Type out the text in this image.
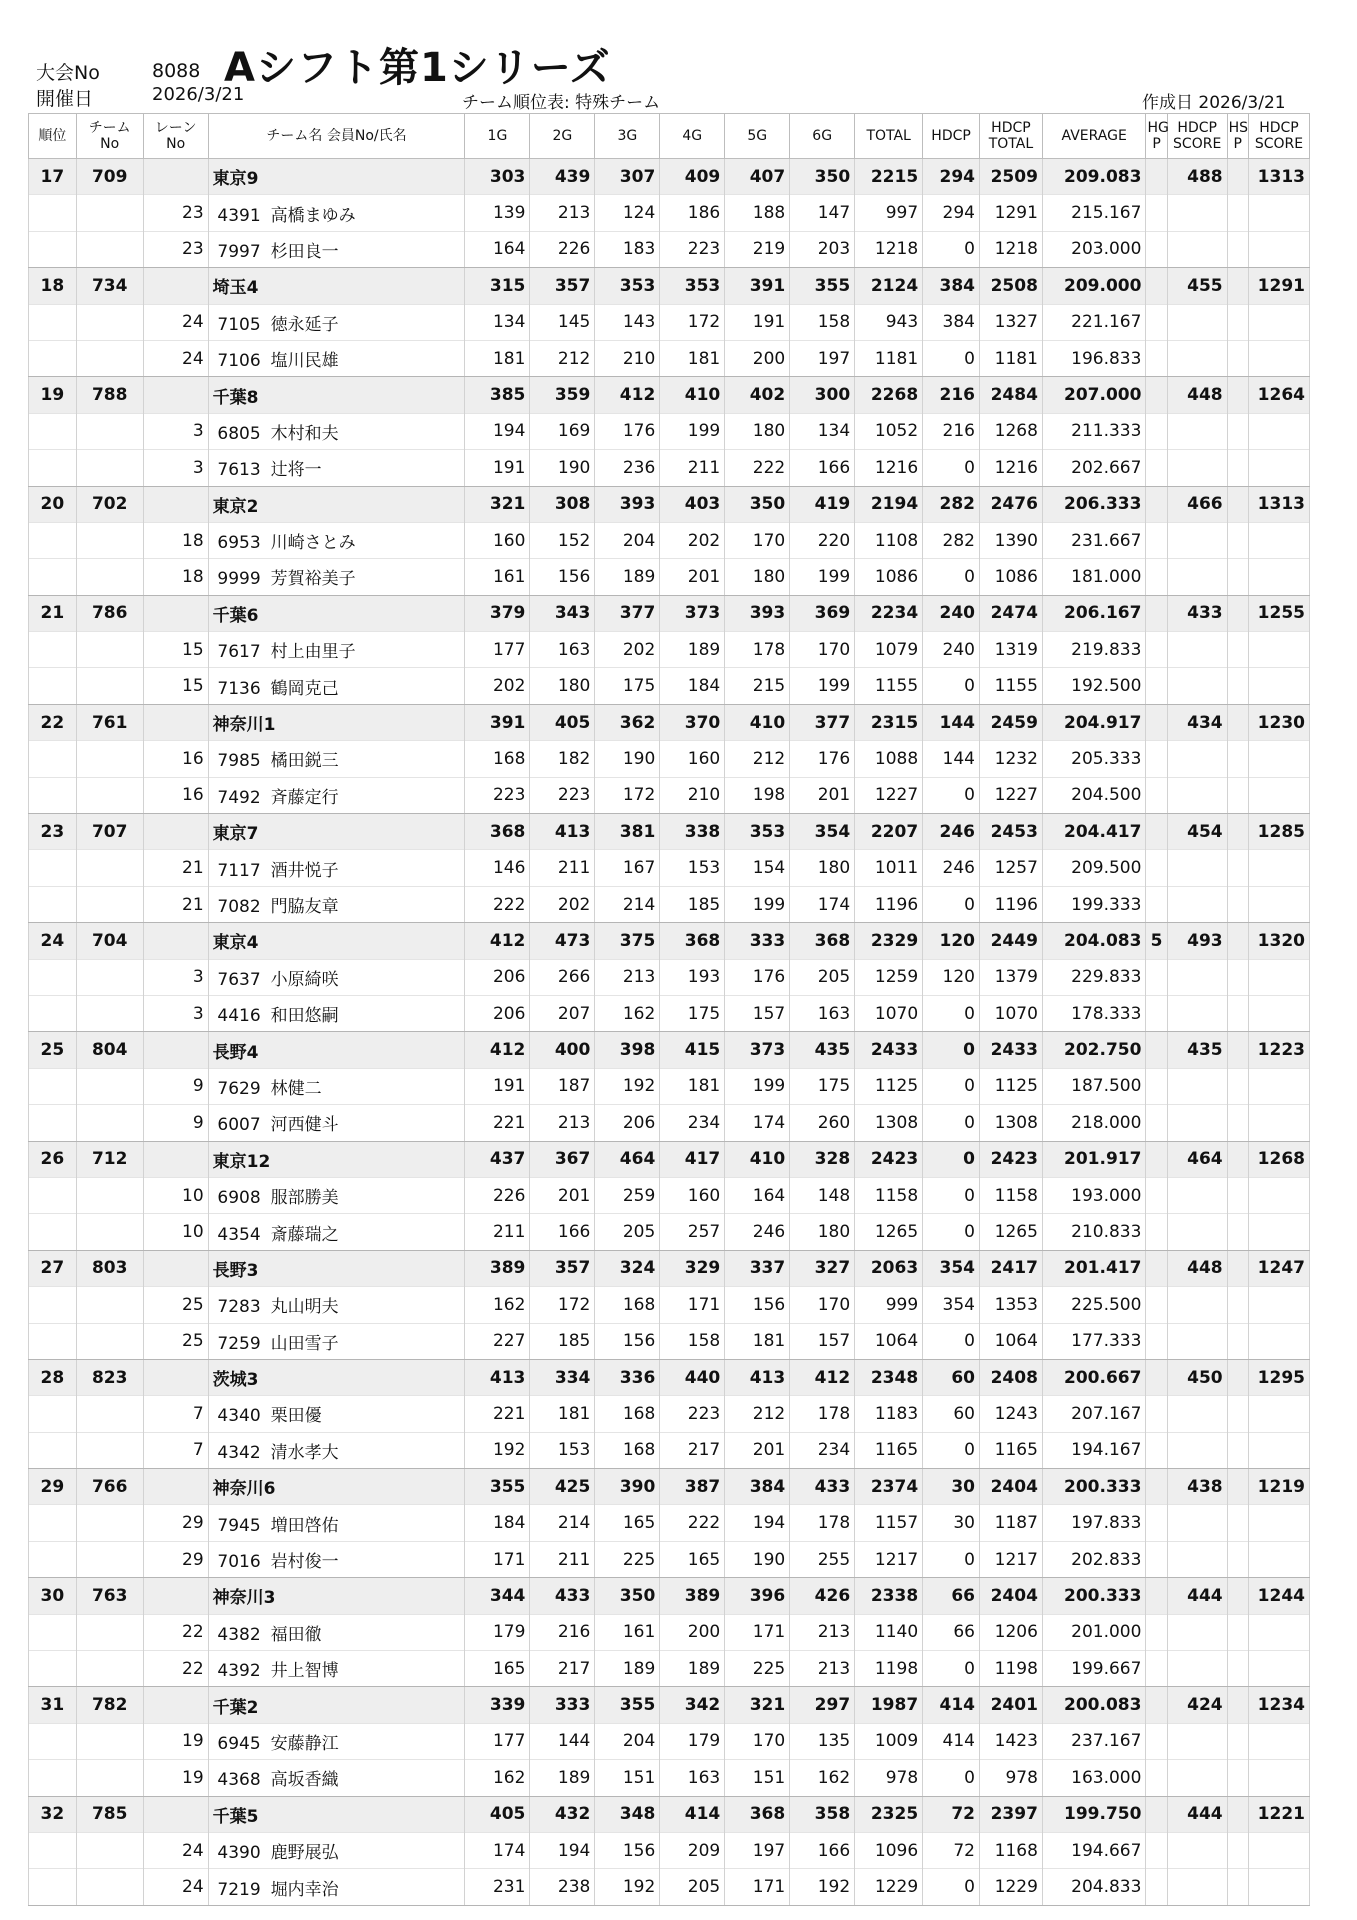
大会No	8088 Aシフト第1シリーズ
開催日	2026/3/21	チーム順位表: 特殊チーム	作成日 2026/3/21
順位	チーム No	レーン No	チーム名 会員No/氏名	1G	2G	3G	4G	5G	6G	TOTAL	HDCP	HDCP TOTAL	AVERAGE	HG P	HDCP SCORE	HS P	HDCP SCORE
17	709		東京9	303	439	307	409	407	350	2215	294	2509	209.083		488		1313
		23	4391 高橋まゆみ	139	213	124	186	188	147	997	294	1291	215.167				
		23	7997 杉田良一	164	226	183	223	219	203	1218	0	1218	203.000				
18	734		埼玉4	315	357	353	353	391	355	2124	384	2508	209.000		455		1291
		24	7105 徳永延子	134	145	143	172	191	158	943	384	1327	221.167				
		24	7106 塩川民雄	181	212	210	181	200	197	1181	0	1181	196.833				
19	788		千葉8	385	359	412	410	402	300	2268	216	2484	207.000		448		1264
		3	6805 木村和夫	194	169	176	199	180	134	1052	216	1268	211.333				
		3	7613 辻将一	191	190	236	211	222	166	1216	0	1216	202.667				
20	702		東京2	321	308	393	403	350	419	2194	282	2476	206.333		466		1313
		18	6953 川崎さとみ	160	152	204	202	170	220	1108	282	1390	231.667				
		18	9999 芳賀裕美子	161	156	189	201	180	199	1086	0	1086	181.000				
21	786		千葉6	379	343	377	373	393	369	2234	240	2474	206.167		433		1255
		15	7617 村上由里子	177	163	202	189	178	170	1079	240	1319	219.833				
		15	7136 鶴岡克己	202	180	175	184	215	199	1155	0	1155	192.500				
22	761		神奈川1	391	405	362	370	410	377	2315	144	2459	204.917		434		1230
		16	7985 橘田鋭三	168	182	190	160	212	176	1088	144	1232	205.333				
		16	7492 斉藤定行	223	223	172	210	198	201	1227	0	1227	204.500				
23	707		東京7	368	413	381	338	353	354	2207	246	2453	204.417		454		1285
		21	7117 酒井悦子	146	211	167	153	154	180	1011	246	1257	209.500				
		21	7082 門脇友章	222	202	214	185	199	174	1196	0	1196	199.333				
24	704		東京4	412	473	375	368	333	368	2329	120	2449	204.083	5	493		1320
		3	7637 小原綺咲	206	266	213	193	176	205	1259	120	1379	229.833				
		3	4416 和田悠嗣	206	207	162	175	157	163	1070	0	1070	178.333				
25	804		長野4	412	400	398	415	373	435	2433	0	2433	202.750		435		1223
		9	7629 林健二	191	187	192	181	199	175	1125	0	1125	187.500				
		9	6007 河西健斗	221	213	206	234	174	260	1308	0	1308	218.000				
26	712		東京12	437	367	464	417	410	328	2423	0	2423	201.917		464		1268
		10	6908 服部勝美	226	201	259	160	164	148	1158	0	1158	193.000				
		10	4354 斎藤瑞之	211	166	205	257	246	180	1265	0	1265	210.833				
27	803		長野3	389	357	324	329	337	327	2063	354	2417	201.417		448		1247
		25	7283 丸山明夫	162	172	168	171	156	170	999	354	1353	225.500				
		25	7259 山田雪子	227	185	156	158	181	157	1064	0	1064	177.333				
28	823		茨城3	413	334	336	440	413	412	2348	60	2408	200.667		450		1295
		7	4340 栗田優	221	181	168	223	212	178	1183	60	1243	207.167				
		7	4342 清水孝大	192	153	168	217	201	234	1165	0	1165	194.167				
29	766		神奈川6	355	425	390	387	384	433	2374	30	2404	200.333		438		1219
		29	7945 増田啓佑	184	214	165	222	194	178	1157	30	1187	197.833				
		29	7016 岩村俊一	171	211	225	165	190	255	1217	0	1217	202.833				
30	763		神奈川3	344	433	350	389	396	426	2338	66	2404	200.333		444		1244
		22	4382 福田徹	179	216	161	200	171	213	1140	66	1206	201.000				
		22	4392 井上智博	165	217	189	189	225	213	1198	0	1198	199.667				
31	782		千葉2	339	333	355	342	321	297	1987	414	2401	200.083		424		1234
		19	6945 安藤静江	177	144	204	179	170	135	1009	414	1423	237.167				
		19	4368 高坂香織	162	189	151	163	151	162	978	0	978	163.000				
32	785		千葉5	405	432	348	414	368	358	2325	72	2397	199.750		444		1221
		24	4390 鹿野展弘	174	194	156	209	197	166	1096	72	1168	194.667				
		24	7219 堀内幸治	231	238	192	205	171	192	1229	0	1229	204.833				
